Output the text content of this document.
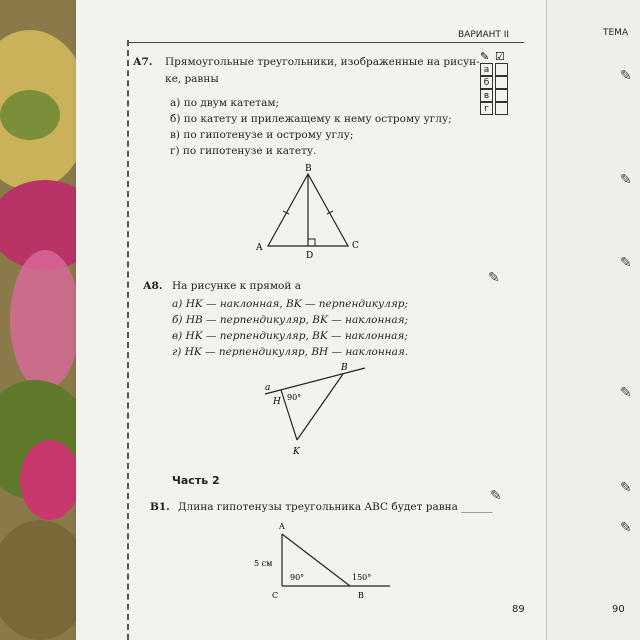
ВАРИАНТ II	ТЕМА
А7. Прямоугольные треугольники, изображенные на рисун-
ке, равны
а) по двум катетам;
б) по катету и прилежащему к нему острому углу;
в) по гипотенузе и острому углу;
г) по гипотенузе и катету.
✎ ☑
а
б
в
г
B
A
D
C
А8. На рисунке к прямой a
а) HK — наклонная, BK — перпендикуляр;
б) HB — перпендикуляр, BK — наклонная;
в) HK — перпендикуляр, BK — наклонная;
г) HK — перпендикуляр, BH — наклонная.
a
H 90°
B
K
Часть 2
В1. Длина гипотенузы треугольника ABC будет равна ______
A
5 см
90°	150°
C	B
✎
✎
✎
✎
✎
✎
✎
✎
89	90
